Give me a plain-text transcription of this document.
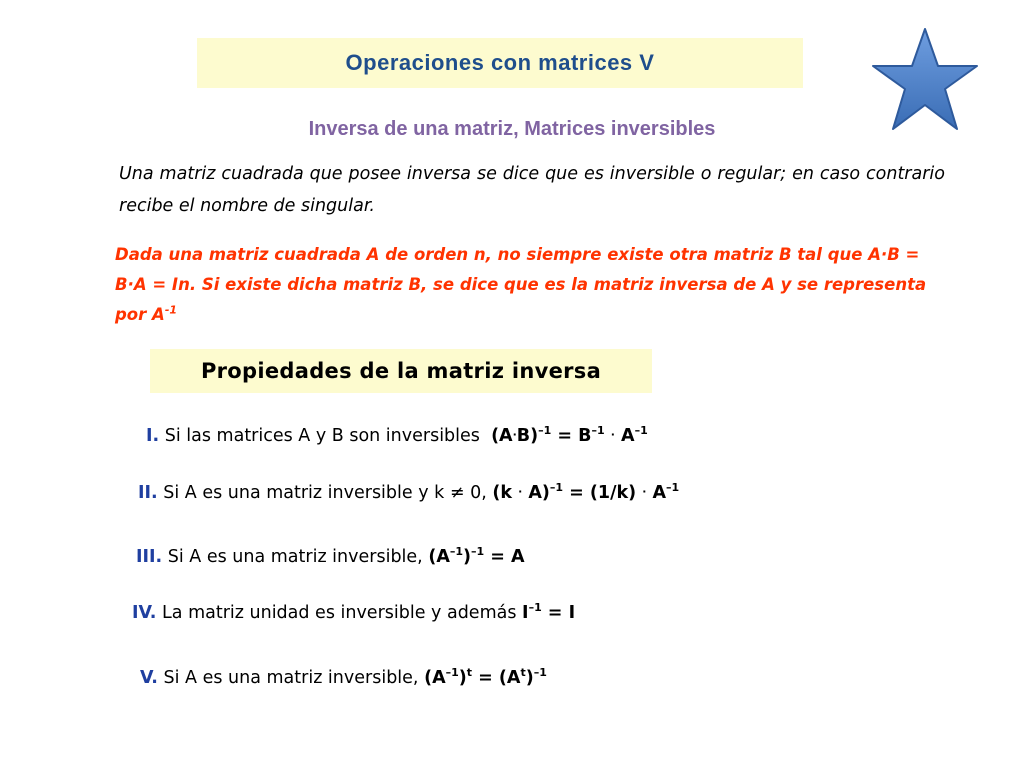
Operaciones con matrices V
Inversa de una matriz, Matrices inversibles
Una matriz cuadrada que posee inversa se dice que es inversible o regular; en caso contrario recibe el nombre de singular.
Dada una matriz cuadrada A de orden n, no siempre existe otra matriz B tal que A·B = B·A = In. Si existe dicha matriz B, se dice que es la matriz inversa de A y se representa por $A^{-1}$
Propiedades de la matriz inversa
I. Si las matrices A y B son inversibles $(A\cdot B)^{-1} = B^{-1} \cdot A^{-1}$
II. Si A es una matriz inversible y k ≠ 0, $(k \cdot A)^{-1} = (1/k) \cdot A^{-1}$
III. Si A es una matriz inversible, $(A^{-1})^{-1} = A$
IV. La matriz unidad es inversible y además $I^{-1} = I$
V. Si A es una matriz inversible, $(A^{-1})^t = (A^t)^{-1}$
